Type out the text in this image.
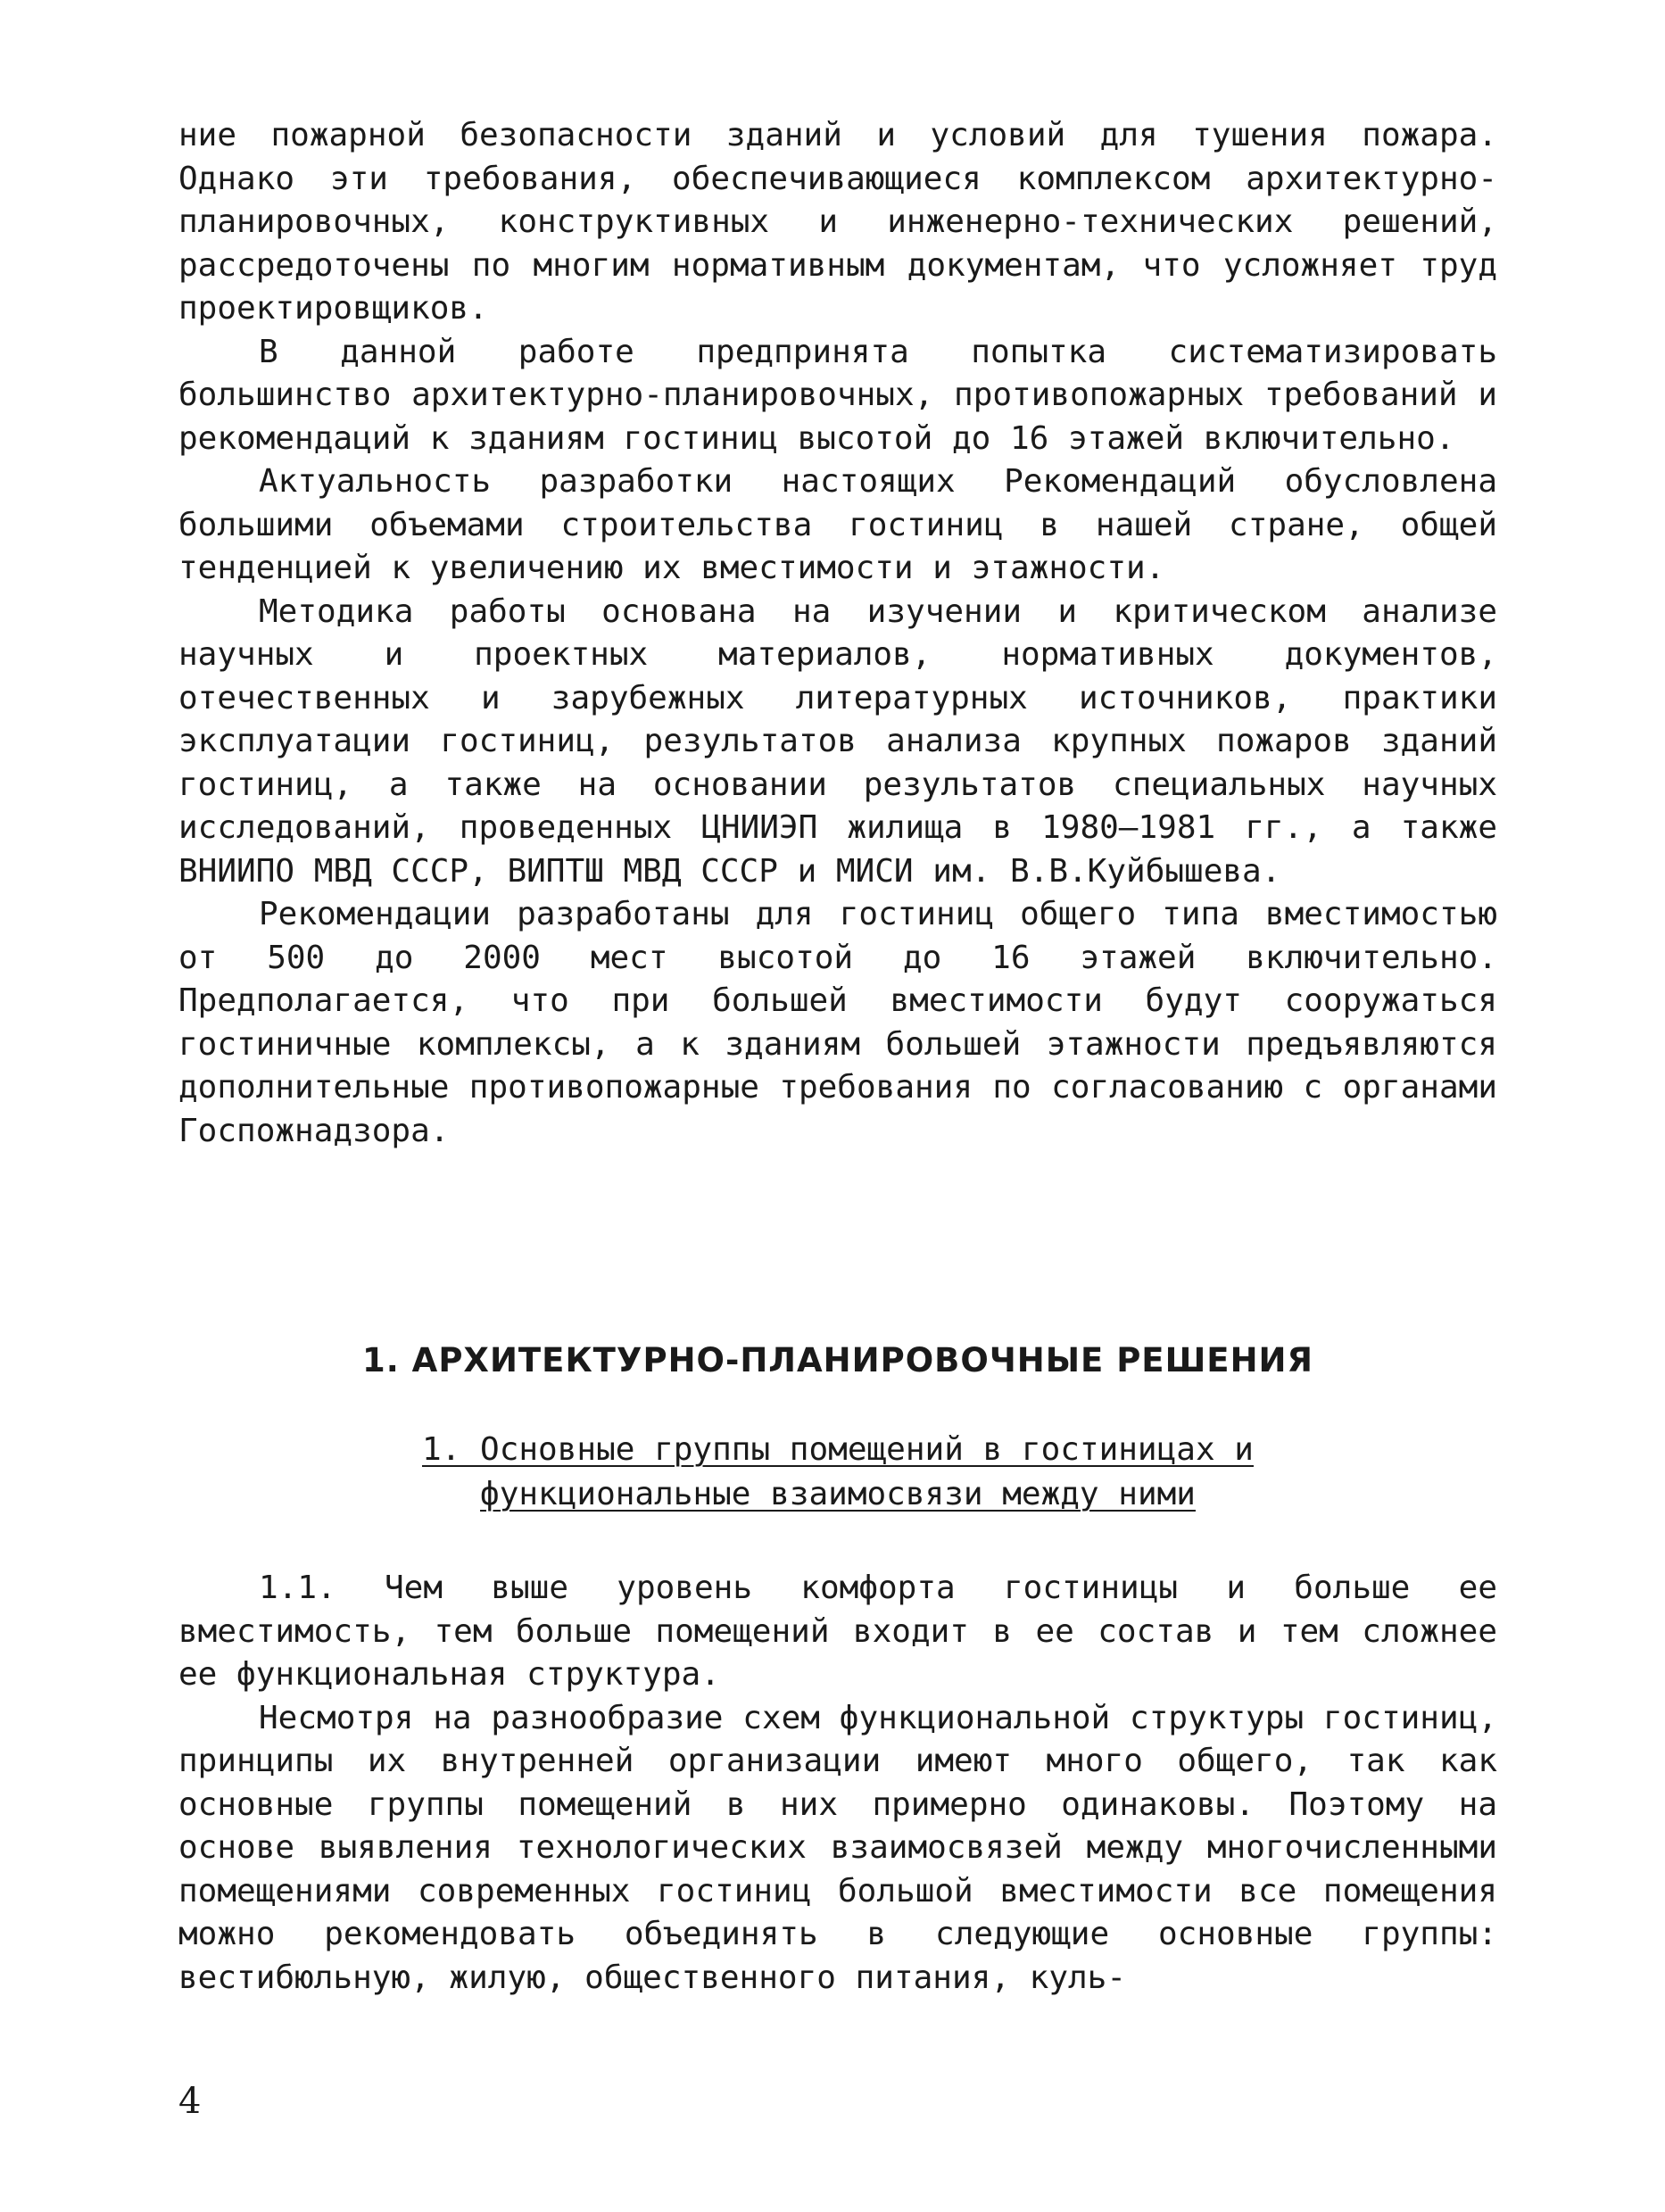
ние пожарной безопасности зданий и условий для тушения пожара. Однако эти требования, обеспечивающиеся комплексом архитектурно-планировочных, конструктивных и инженерно-технических решений, рассредоточены по многим нормативным документам, что усложняет труд проектировщиков.

В данной работе предпринята попытка систематизировать большинство архитектурно-планировочных, противопожарных требований и рекомендаций к зданиям гостиниц высотой до 16 этажей включительно.

Актуальность разработки настоящих Рекомендаций обусловлена большими объемами строительства гостиниц в нашей стране, общей тенденцией к увеличению их вместимости и этажности.

Методика работы основана на изучении и критическом анализе научных и проектных материалов, нормативных документов, отечественных и зарубежных литературных источников, практики эксплуатации гостиниц, результатов анализа крупных пожаров зданий гостиниц, а также на основании результатов специальных научных исследований, проведенных ЦНИИЭП жилища в 1980–1981 гг., а также ВНИИПО МВД СССР, ВИПТШ МВД СССР и МИСИ им. В.В.Куйбышева.

Рекомендации разработаны для гостиниц общего типа вместимостью от 500 до 2000 мест высотой до 16 этажей включительно. Предполагается, что при большей вместимости будут сооружаться гостиничные комплексы, а к зданиям большей этажности предъявляются дополнительные противопожарные требования по согласованию с органами Госпожнадзора.

1. АРХИТЕКТУРНО-ПЛАНИРОВОЧНЫЕ РЕШЕНИЯ
1. Основные группы помещений в гостиницах и
функциональные взаимосвязи между ними

1.1. Чем выше уровень комфорта гостиницы и больше ее вместимость, тем больше помещений входит в ее состав и тем сложнее ее функциональная структура.

Несмотря на разнообразие схем функциональной структуры гостиниц, принципы их внутренней организации имеют много общего, так как основные группы помещений в них примерно одинаковы. Поэтому на основе выявления технологических взаимосвязей между многочисленными помещениями современных гостиниц большой вместимости все помещения можно рекомендовать объединять в следующие основные группы: вестибюльную, жилую, общественного питания, куль-

4
